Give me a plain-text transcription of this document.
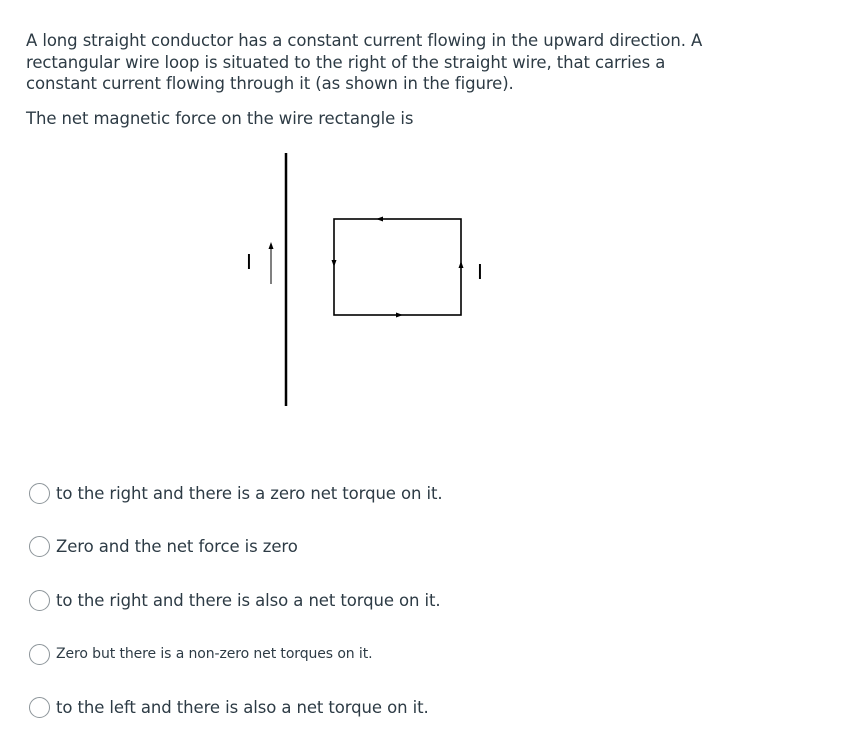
A long straight conductor has a constant current flowing in the upward direction. A rectangular wire loop is situated to the right of the straight wire, that carries a constant current flowing through it (as shown in the figure).

The net magnetic force on the wire rectangle is

I	I
to the right and there is a zero net torque on it.
Zero and the net force is zero
to the right and there is also a net torque on it.
Zero but there is a non-zero net torques on it.
to the left and there is also a net torque on it.
